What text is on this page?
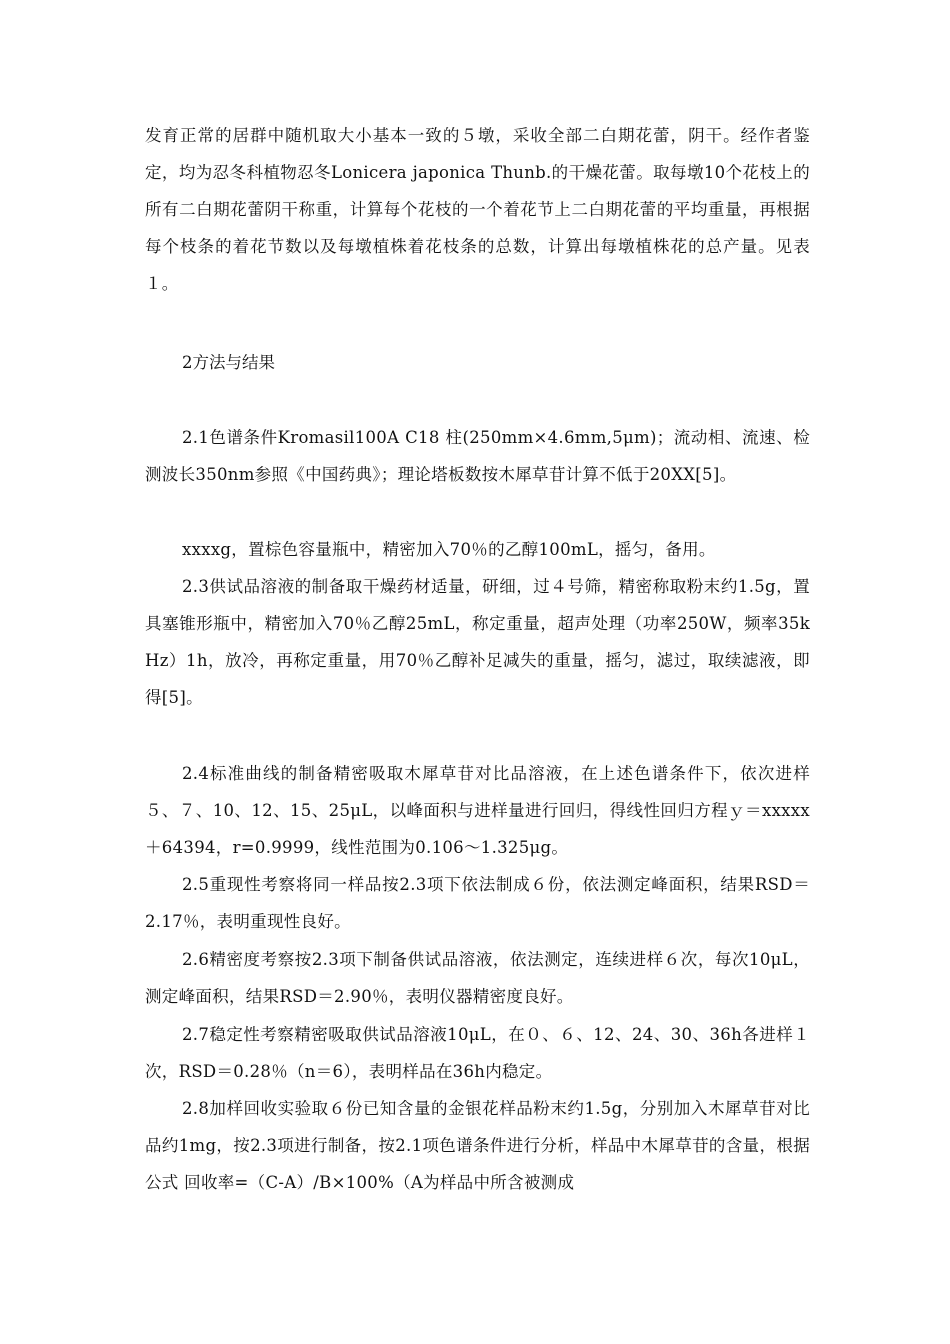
发育正常的居群中随机取大小基本一致的５墩，采收全部二白期花蕾，阴干。经作者鉴定，均为忍冬科植物忍冬Lonicera japonica Thunb.的干燥花蕾。取每墩10个花枝上的所有二白期花蕾阴干称重，计算每个花枝的一个着花节上二白期花蕾的平均重量，再根据每个枝条的着花节数以及每墩植株着花枝条的总数，计算出每墩植株花的总产量。见表１。

2方法与结果

2.1色谱条件Kromasil100A C18 柱(250mm×4.6mm,5μm)；流动相、流速、检测波长350nm参照《中国药典》；理论塔板数按木犀草苷计算不低于20XX[5]。

xxxxg，置棕色容量瓶中，精密加入70％的乙醇100mL，摇匀，备用。

2.3供试品溶液的制备取干燥药材适量，研细，过４号筛，精密称取粉末约1.5g，置具塞锥形瓶中，精密加入70％乙醇25mL，称定重量，超声处理（功率250W，频率35kHz）1h，放冷，再称定重量，用70％乙醇补足减失的重量，摇匀，滤过，取续滤液，即得[5]。

2.4标准曲线的制备精密吸取木犀草苷对比品溶液，在上述色谱条件下，依次进样５、７、10、12、15、25μL，以峰面积与进样量进行回归，得线性回归方程ｙ＝xxxxx＋64394，r=0.9999，线性范围为0.106～1.325μg。

2.5重现性考察将同一样品按2.3项下依法制成６份，依法测定峰面积，结果RSD＝2.17％，表明重现性良好。

2.6精密度考察按2.3项下制备供试品溶液，依法测定，连续进样６次，每次10μL，测定峰面积，结果RSD＝2.90％，表明仪器精密度良好。

2.7稳定性考察精密吸取供试品溶液10μL，在０、６、12、24、30、36h各进样１次，RSD＝0.28％（n＝6），表明样品在36h内稳定。

2.8加样回收实验取６份已知含量的金银花样品粉末约1.5g，分别加入木犀草苷对比品约1mg，按2.3项进行制备，按2.1项色谱条件进行分析，样品中木犀草苷的含量，根据公式 回收率=（C-A）/B×100%（A为样品中所含被测成
